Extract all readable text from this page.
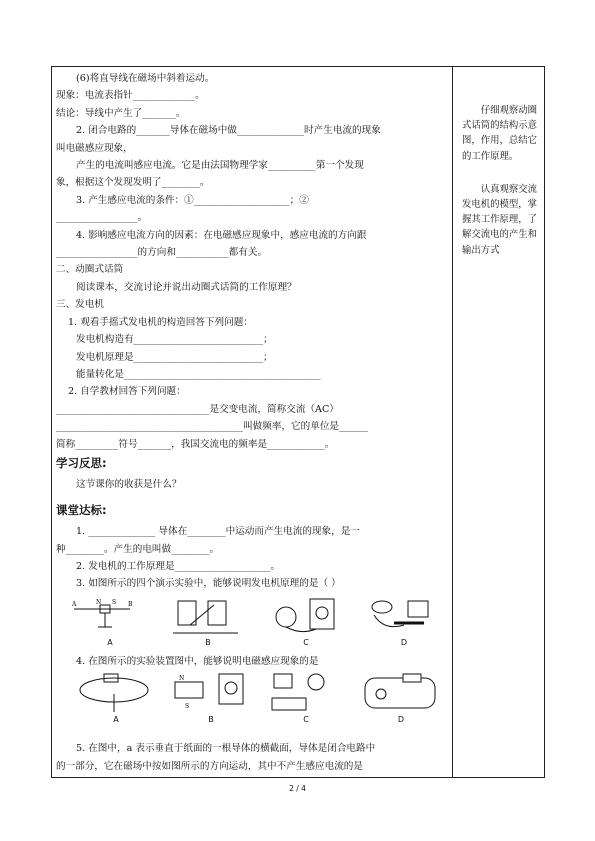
(6)将直导线在磁场中斜着运动。
现象：电流表指针_____________。
结论：导线中产生了_______。
2. 闭合电路的_______导体在磁场中做______________时产生电流的现象
叫电磁感应现象，
产生的电流叫感应电流。它是由法国物理学家__________第一个发现
象，根据这个发现发明了________。
3. 产生感应电流的条件：①____________________；②
_________________。
4. 影响感应电流方向的因素：在电磁感应现象中，感应电流的方向跟
_________________的方向和___________都有关。
二、动圈式话筒
阅读课本，交流讨论并说出动圈式话筒的工作原理？
三、发电机
1. 观看手摇式发电机的构造回答下列问题：
发电机构造有___________________________；
发电机原理是___________________________；
能量转化是_________________________________________
2. 自学教材回答下列问题：
________________________________是交变电流，简称交流（AC）
_______________________________________叫做频率，它的单位是______
简称_________符号_______，我国交流电的频率是____________。
学习反思:
这节课你的收获是什么？
课堂达标:
1. ______________ 导体在________中运动而产生电流的现象，是一
种________。产生的电叫做________。
2. 发电机的工作原理是____________________。
3. 如图所示的四个演示实验中，能够说明发电机原理的是（ ）
A	N S B
A	B	C	D
4. 在图所示的实验装置图中，能够说明电磁感应现象的是
A
N
S
B	C	D
5. 在图中，a 表示垂直于纸面的一根导体的横截面，导体是闭合电路中
的一部分，它在磁场中按如图所示的方向运动，其中不产生感应电流的是

仔细观察动圈式话筒的结构示意图，作用，总结它的工作原理。

认真观察交流发电机的模型，掌握其工作原理，了解交流电的产生和输出方式

2 / 4
